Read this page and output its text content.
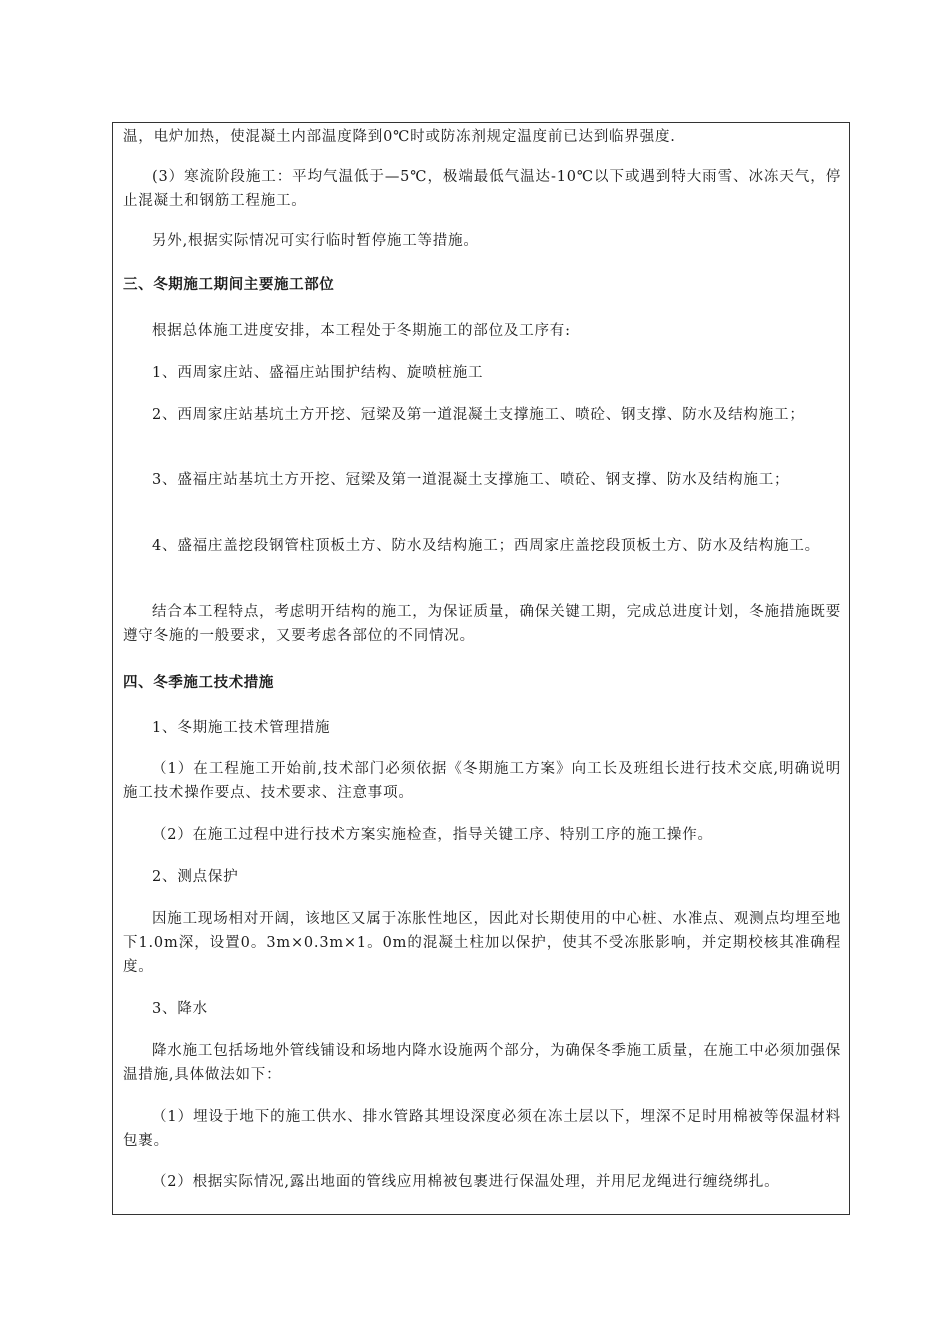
温，电炉加热，使混凝土内部温度降到0℃时或防冻剂规定温度前已达到临界强度.

(3）寒流阶段施工：平均气温低于—5℃，极端最低气温达-10℃以下或遇到特大雨雪、冰冻天气，停止混凝土和钢筋工程施工。

另外,根据实际情况可实行临时暂停施工等措施。

三、冬期施工期间主要施工部位

根据总体施工进度安排，本工程处于冬期施工的部位及工序有:

1、西周家庄站、盛福庄站围护结构、旋喷桩施工

2、西周家庄站基坑土方开挖、冠梁及第一道混凝土支撑施工、喷砼、钢支撑、防水及结构施工；

3、盛福庄站基坑土方开挖、冠梁及第一道混凝土支撑施工、喷砼、钢支撑、防水及结构施工；

4、盛福庄盖挖段钢管柱顶板土方、防水及结构施工；西周家庄盖挖段顶板土方、防水及结构施工。

结合本工程特点，考虑明开结构的施工，为保证质量，确保关键工期，完成总进度计划，冬施措施既要遵守冬施的一般要求，又要考虑各部位的不同情况。

四、冬季施工技术措施

1、冬期施工技术管理措施

（1）在工程施工开始前,技术部门必须依据《冬期施工方案》向工长及班组长进行技术交底,明确说明施工技术操作要点、技术要求、注意事项。

（2）在施工过程中进行技术方案实施检查，指导关键工序、特别工序的施工操作。

2、测点保护

因施工现场相对开阔，该地区又属于冻胀性地区，因此对长期使用的中心桩、水准点、观测点均埋至地下1.0m深，设置0。3m×0.3m×1。0m的混凝土柱加以保护，使其不受冻胀影响，并定期校核其准确程度。

3、降水

降水施工包括场地外管线铺设和场地内降水设施两个部分，为确保冬季施工质量，在施工中必须加强保温措施,具体做法如下：

（1）埋设于地下的施工供水、排水管路其埋设深度必须在冻土层以下，埋深不足时用棉被等保温材料包裹。

（2）根据实际情况,露出地面的管线应用棉被包裹进行保温处理，并用尼龙绳进行缠绕绑扎。
